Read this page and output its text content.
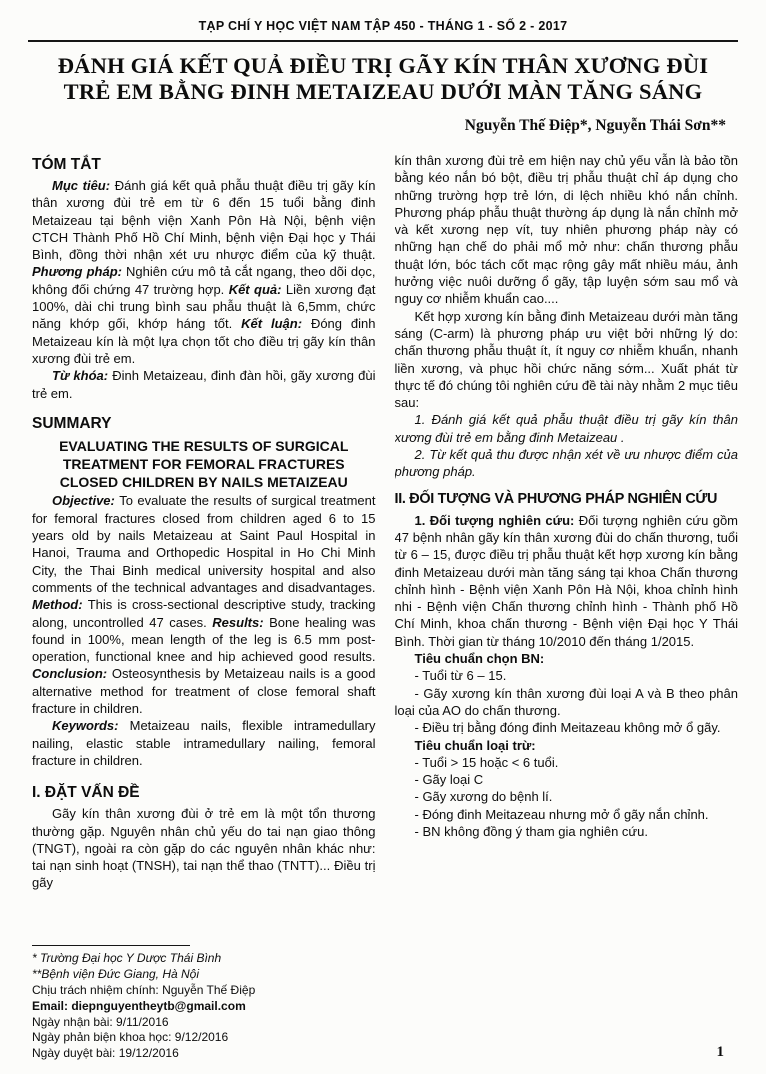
TẠP CHÍ Y HỌC VIỆT NAM TẬP 450 - THÁNG 1 - SỐ 2 - 2017
ĐÁNH GIÁ KẾT QUẢ ĐIỀU TRỊ GÃY KÍN THÂN XƯƠNG ĐÙI
TRẺ EM BẰNG ĐINH METAIZEAU DƯỚI MÀN TĂNG SÁNG
Nguyễn Thế Điệp*, Nguyễn Thái Sơn**
TÓM TẮT

Mục tiêu: Đánh giá kết quả phẫu thuật điều trị gãy kín thân xương đùi trẻ em từ 6 đến 15 tuổi bằng đinh Metaizeau tại bệnh viện Xanh Pôn Hà Nội, bệnh viện CTCH Thành Phố Hồ Chí Minh, bệnh viện Đại học y Thái Bình, đồng thời nhận xét ưu nhược điểm của kỹ thuật. Phương pháp: Nghiên cứu mô tả cắt ngang, theo dõi dọc, không đối chứng 47 trường hợp. Kết quả: Liền xương đạt 100%, dài chi trung bình sau phẫu thuật là 6,5mm, chức năng khớp gối, khớp háng tốt. Kết luận: Đóng đinh Metaizeau kín là một lựa chọn tốt cho điều trị gãy kín thân xương đùi trẻ em.

Từ khóa: Đinh Metaizeau, đinh đàn hồi, gãy xương đùi trẻ em.

SUMMARY
EVALUATING THE RESULTS OF SURGICAL TREATMENT FOR FEMORAL FRACTURES CLOSED CHILDREN BY NAILS METAIZEAU

Objective: To evaluate the results of surgical treatment for femoral fractures closed from children aged 6 to 15 years old by nails Metaizeau at Saint Paul Hospital in Hanoi, Trauma and Orthopedic Hospital in Ho Chi Minh City, the Thai Binh medical university hospital and also comments of the technical advantages and disadvantages. Method: This is cross-sectional descriptive study, tracking along, uncontrolled 47 cases. Results: Bone healing was found in 100%, mean length of the leg is 6.5 mm post-operation, functional knee and hip achieved good results. Conclusion: Osteosynthesis by Metaizeau nails is a good alternative method for treatment of close femoral shaft fracture in children.

Keywords: Metaizeau nails, flexible intramedullary nailing, elastic stable intramedullary nailing, femoral fracture in children.

I. ĐẶT VẤN ĐỀ

Gãy kín thân xương đùi ở trẻ em là một tổn thương thường gặp. Nguyên nhân chủ yếu do tai nạn giao thông (TNGT), ngoài ra còn gặp do các nguyên nhân khác như: tai nạn sinh hoạt (TNSH), tai nạn thể thao (TNTT)... Điều trị gãy

* Trường Đại học Y Dược Thái Bình
**Bệnh viện Đức Giang, Hà Nội
Chịu trách nhiệm chính: Nguyễn Thế Điệp
Email: diepnguyentheytb@gmail.com
Ngày nhận bài: 9/11/2016
Ngày phản biện khoa học: 9/12/2016
Ngày duyệt bài: 19/12/2016

kín thân xương đùi trẻ em hiện nay chủ yếu vẫn là bảo tồn bằng kéo nắn bó bột, điều trị phẫu thuật chỉ áp dụng cho những trường hợp trẻ lớn, di lệch nhiều khó nắn chỉnh. Phương pháp phẫu thuật thường áp dụng là nắn chỉnh mở và kết xương nẹp vít, tuy nhiên phương pháp này có những hạn chế do phải mổ mở như: chấn thương phẫu thuật lớn, bóc tách cốt mạc rộng gây mất nhiều máu, ảnh hưởng việc nuôi dưỡng ổ gãy, tập luyện sớm sau mổ và nguy cơ nhiễm khuẩn cao....

Kết hợp xương kín bằng đinh Metaizeau dưới màn tăng sáng (C-arm) là phương pháp ưu việt bởi những lý do: chấn thương phẫu thuật ít, ít nguy cơ nhiễm khuẩn, nhanh liền xương, và phục hồi chức năng sớm... Xuất phát từ thực tế đó chúng tôi nghiên cứu đề tài này nhằm 2 mục tiêu sau:

1. Đánh giá kết quả phẫu thuật điều trị gãy kín thân xương đùi trẻ em bằng đinh Metaizeau .

2. Từ kết quả thu được nhận xét về ưu nhược điểm của phương pháp.

II. ĐỐI TƯỢNG VÀ PHƯƠNG PHÁP NGHIÊN CỨU

1. Đối tượng nghiên cứu: Đối tượng nghiên cứu gồm 47 bệnh nhân gãy kín thân xương đùi do chấn thương, tuổi từ 6 – 15, được điều trị phẫu thuật kết hợp xương kín bằng đinh Metaizeau dưới màn tăng sáng tại khoa Chấn thương chỉnh hình - Bệnh viện Xanh Pôn Hà Nội, khoa chỉnh hình nhi - Bệnh viện Chấn thương chỉnh hình - Thành phố Hồ Chí Minh, khoa chấn thương - Bệnh viện Đại học Y Thái Bình. Thời gian từ tháng 10/2010 đến tháng 1/2015.

Tiêu chuẩn chọn BN:

- Tuổi từ 6 – 15.

- Gãy xương kín thân xương đùi loại A và B theo phân loại của AO do chấn thương.

- Điều trị bằng đóng đinh Meitazeau không mở ổ gãy.

Tiêu chuẩn loại trừ:

- Tuổi > 15 hoặc < 6 tuổi.

- Gãy loại C

- Gãy xương do bệnh lí.

- Đóng đinh Meitazeau nhưng mở ổ gãy nắn chỉnh.

- BN không đồng ý tham gia nghiên cứu.

1
